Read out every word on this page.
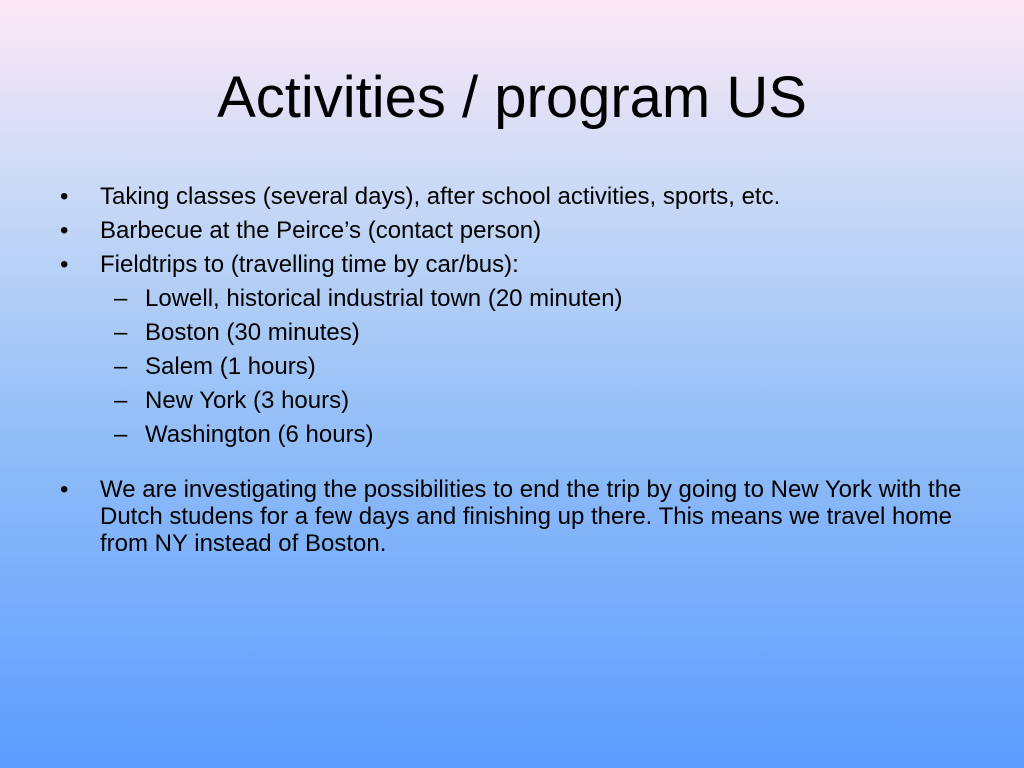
Activities / program US
• Taking classes (several days), after school activities, sports, etc.
• Barbecue at the Peirce’s (contact person)
• Fieldtrips to (travelling time by car/bus):
– Lowell, historical industrial town (20 minuten)
– Boston (30 minutes)
– Salem (1 hours)
– New York (3 hours)
– Washington (6 hours)
• We are investigating the possibilities to end the trip by going to New York with the Dutch studens for a few days and finishing up there. This means we travel home from NY instead of Boston.
